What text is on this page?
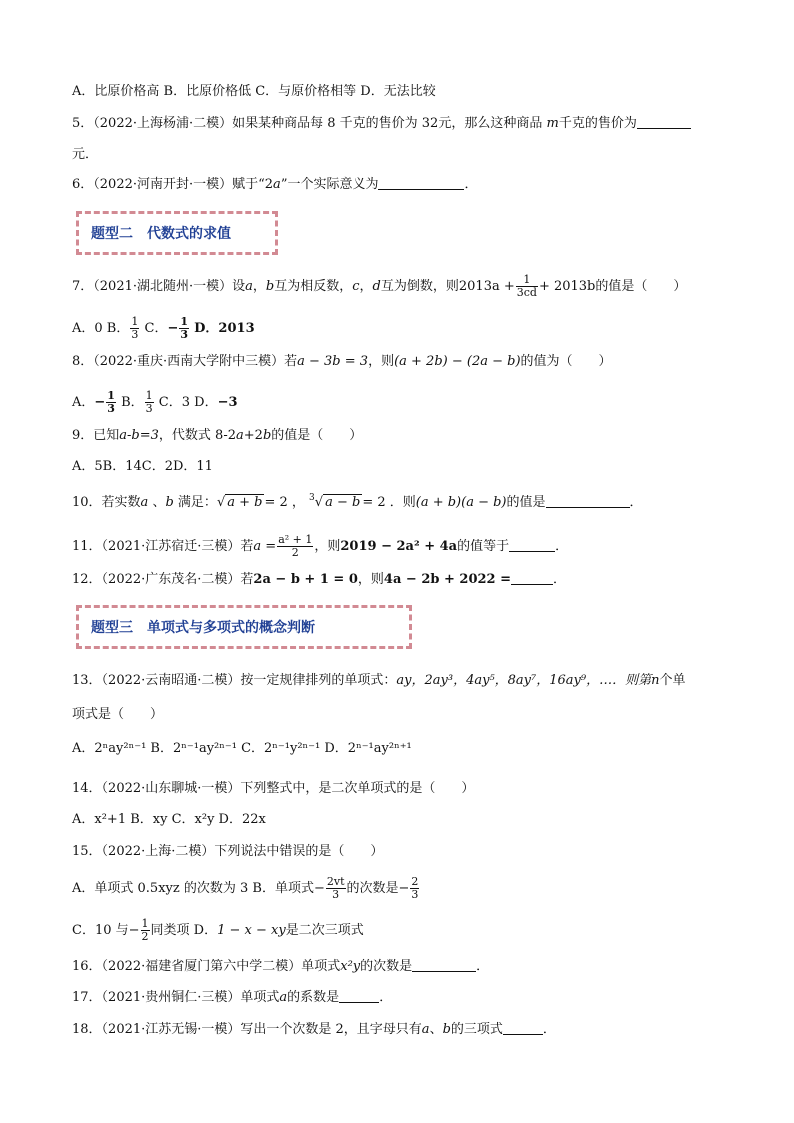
A．比原价格高 B．比原价格低 C．与原价格相等 D．无法比较
5．（2022·上海杨浦·二模）如果某种商品每 8 千克的售价为 32元，那么这种商品 m千克的售价为
元．
6．（2022·河南开封·一模）赋于“2a”一个实际意义为	．
题型二　代数式的求值
7．（2021·湖北随州·一模）设a，b互为相反数，c，d互为倒数，则$2013a + \frac{1}{3cd} + 2013b$的值是（　　）
A．0 B． $\frac{1}{3}$ C．− $\frac{1}{3}$ D．2013
8．（2022·重庆·西南大学附中三模）若a − 3b = 3，则(a + 2b) − (2a − b)的值为（　　）
A．− $\frac{1}{3}$ B． $\frac{1}{3}$ C．3 D．−3
9．已知a-b=3，代数式 8-2a+2b的值是（　　）
A．5B．14C．2D．11
10．若实数a 、b 满足：√ a + b = 2 ， $^3$√ a − b = 2 ．则(a + b)(a − b)的值是	．
11．（2021·江苏宿迁·三模）若$a = \frac{\text{a² + 1}}{2}$ ，则2019 − 2a² + 4a的值等于	．
12．（2022·广东茂名·二模）若2a − b + 1 = 0，则4a − 2b + 2022 =	．
题型三　单项式与多项式的概念判断
13．（2022·云南昭通·二模）按一定规律排列的单项式：ay，2ay³，4ay⁵，8ay⁷，16ay⁹，…．则第n个单
项式是（　　）
A．2ⁿay²ⁿ⁻¹ B．2ⁿ⁻¹ay²ⁿ⁻¹ C．2ⁿ⁻¹y²ⁿ⁻¹ D．2ⁿ⁻¹ay²ⁿ⁺¹
14．（2022·山东聊城·一模）下列整式中，是二次单项式的是（　　）
A．x²+1 B．xy C．x²y D．22x
15．（2022·上海·二模）下列说法中错误的是（　　）
A．单项式 0.5xyz 的次数为 3 B．单项式− $\frac{2vt}{3}$ 的次数是− $\frac{2}{3}$
C．10 与− $\frac{1}{2}$ 同类项 D．1 − x − xy是二次三项式
16．（2022·福建省厦门第六中学二模）单项式x²y的次数是	．
17．（2021·贵州铜仁·三模）单项式a的系数是	．
18．（2021·江苏无锡·一模）写出一个次数是 2，且字母只有a、b的三项式	．
